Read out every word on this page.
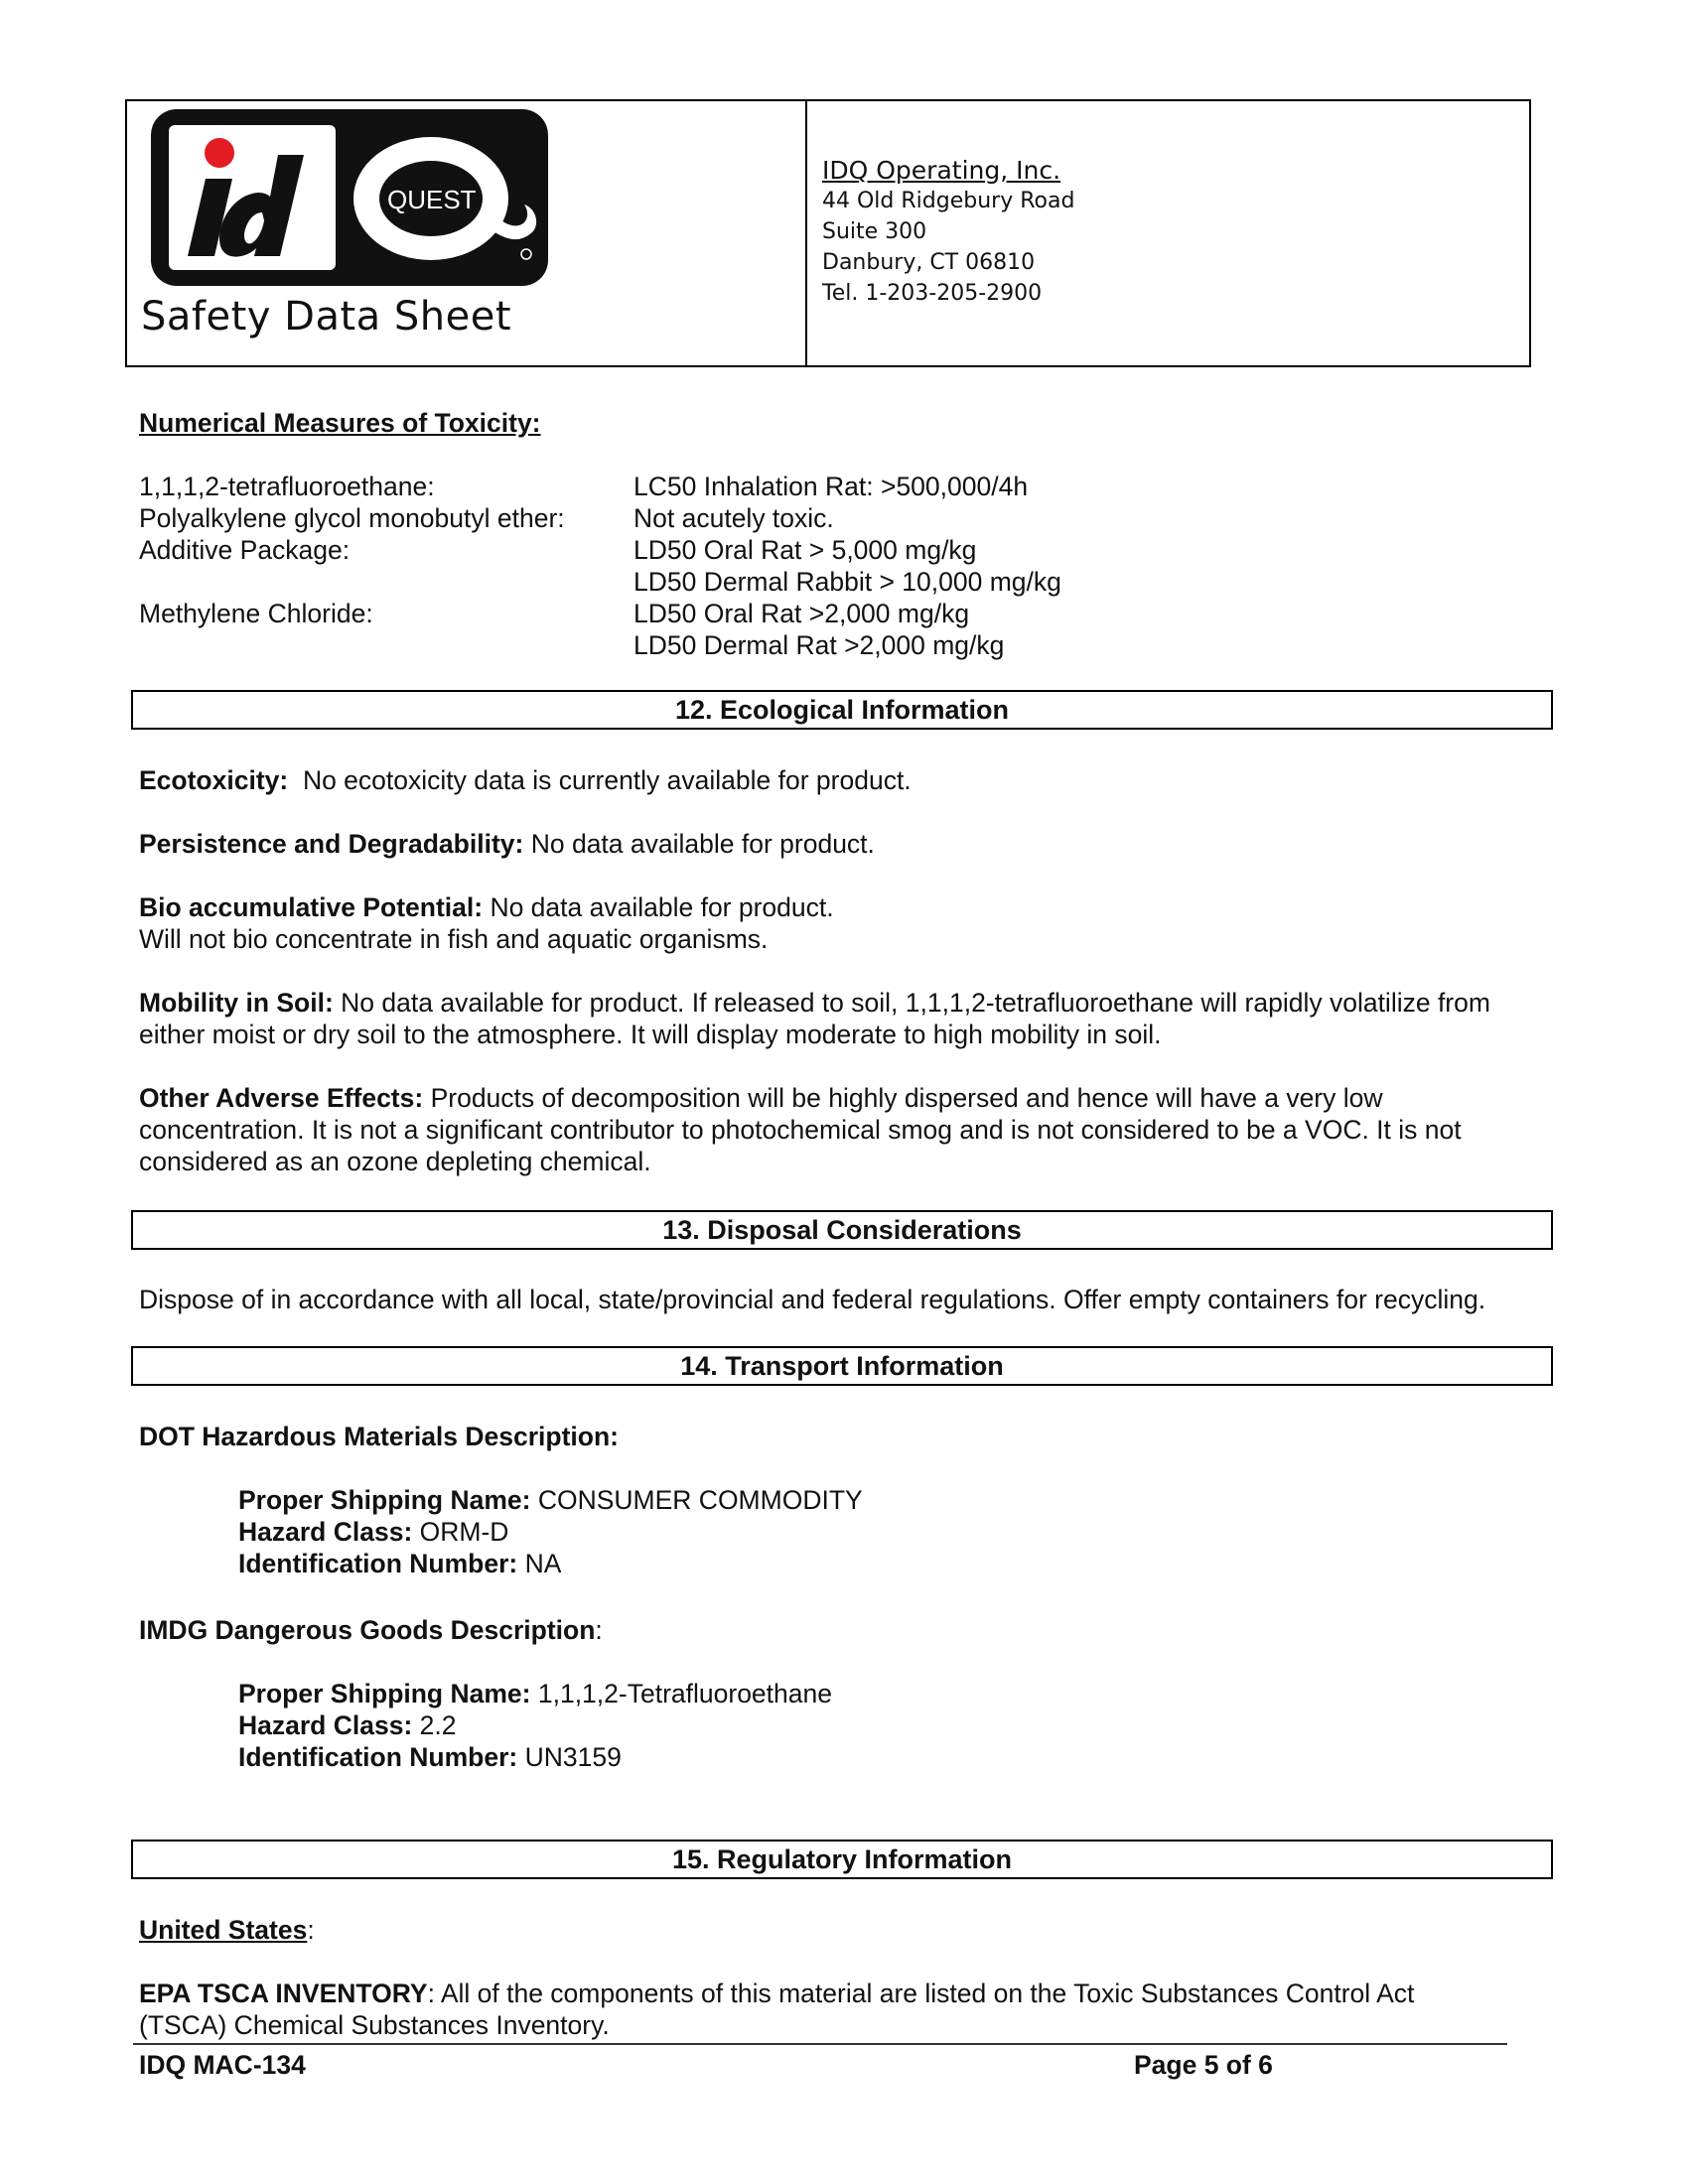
QUEST
Safety Data Sheet
IDQ Operating, Inc.
44 Old Ridgebury Road
Suite 300
Danbury, CT 06810
Tel. 1-203-205-2900
Numerical Measures of Toxicity:
1,1,1,2-tetrafluoroethane:	LC50 Inhalation Rat: >500,000/4h
Polyalkylene glycol monobutyl ether:	Not acutely toxic.
Additive Package:	LD50 Oral Rat > 5,000 mg/kg
	LD50 Dermal Rabbit > 10,000 mg/kg
Methylene Chloride:	LD50 Oral Rat >2,000 mg/kg
	LD50 Dermal Rat >2,000 mg/kg
12. Ecological Information
Ecotoxicity: No ecotoxicity data is currently available for product.
Persistence and Degradability: No data available for product.
Bio accumulative Potential: No data available for product.
Will not bio concentrate in fish and aquatic organisms.
Mobility in Soil: No data available for product. If released to soil, 1,1,1,2-tetrafluoroethane will rapidly volatilize from
either moist or dry soil to the atmosphere. It will display moderate to high mobility in soil.
Other Adverse Effects: Products of decomposition will be highly dispersed and hence will have a very low
concentration. It is not a significant contributor to photochemical smog and is not considered to be a VOC. It is not
considered as an ozone depleting chemical.
13. Disposal Considerations
Dispose of in accordance with all local, state/provincial and federal regulations. Offer empty containers for recycling.
14. Transport Information
DOT Hazardous Materials Description:
Proper Shipping Name: CONSUMER COMMODITY
Hazard Class: ORM-D
Identification Number: NA
IMDG Dangerous Goods Description:
Proper Shipping Name: 1,1,1,2-Tetrafluoroethane
Hazard Class: 2.2
Identification Number: UN3159
15. Regulatory Information
United States:
EPA TSCA INVENTORY: All of the components of this material are listed on the Toxic Substances Control Act
(TSCA) Chemical Substances Inventory.
IDQ MAC-134	Page 5 of 6
